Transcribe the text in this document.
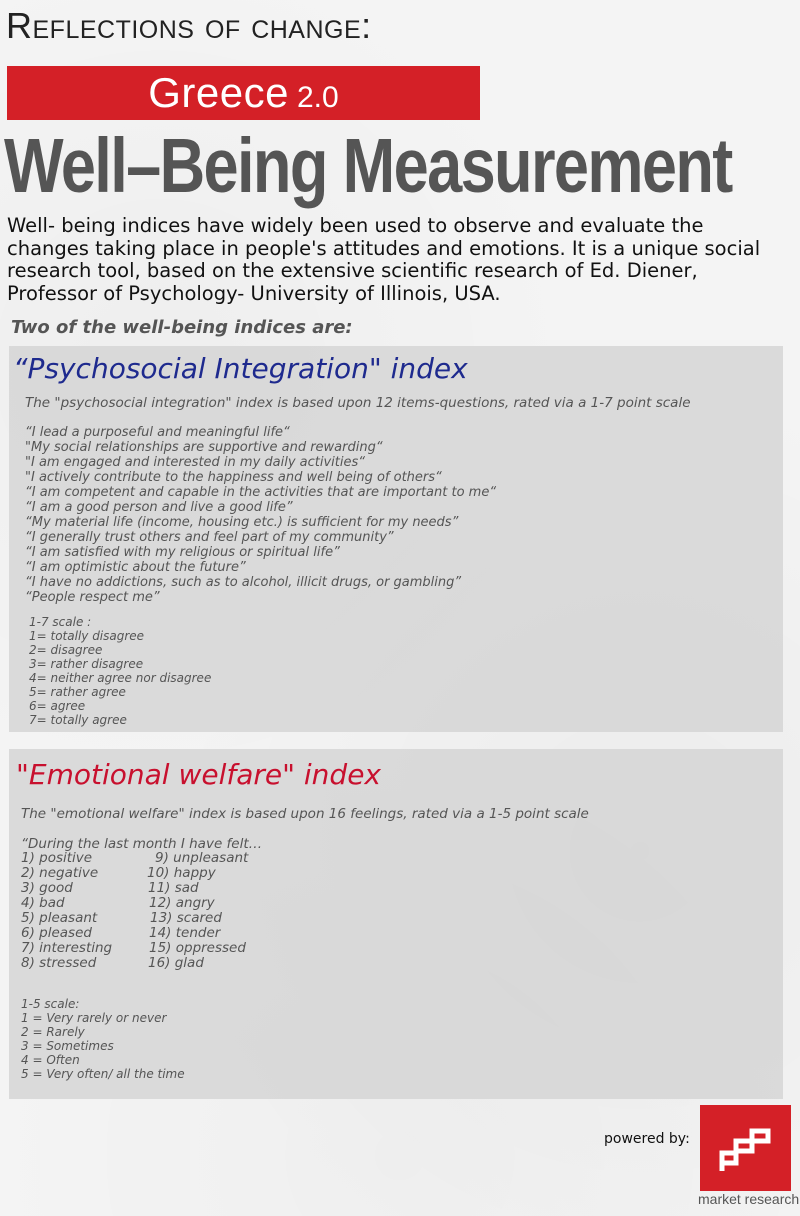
Reflections of change:
Greece 2.0
Well–Being Measurement

Well- being indices have widely been used to observe and evaluate the changes taking place in people's attitudes and emotions. It is a unique social research tool, based on the extensive scientific research of Ed. Diener, Professor of Psychology- University of Illinois, USA.

Two of the well-being indices are:

“Psychosocial Integration" index

The "psychosocial integration" index is based upon 12 items-questions, rated via a 1-7 point scale

“I lead a purposeful and meaningful life“
"My social relationships are supportive and rewarding“
"I am engaged and interested in my daily activities“
"I actively contribute to the happiness and well being of others“
“I am competent and capable in the activities that are important to me“
“I am a good person and live a good life”
“My material life (income, housing etc.) is sufficient for my needs”
“I generally trust others and feel part of my community”
“I am satisfied with my religious or spiritual life”
“I am optimistic about the future”
“I have no addictions, such as to alcohol, illicit drugs, or gambling”
“People respect me”
1-7 scale :
1= totally disagree
2= disagree
3= rather disagree
4= neither agree nor disagree
5= rather agree
6= agree
7= totally agree
"Emotional welfare" index

The "emotional welfare" index is based upon 16 feelings, rated via a 1-5 point scale

“During the last month I have felt…

1) positive	9) unpleasant
2) negative	10) happy
3) good	11) sad
4) bad	12) angry
5) pleasant	13) scared
6) pleased	14) tender
7) interesting	15) oppressed
8) stressed	16) glad
1-5 scale:
1 = Very rarely or never
2 = Rarely
3 = Sometimes
4 = Often
5 = Very often/ all the time
powered by:
market research
